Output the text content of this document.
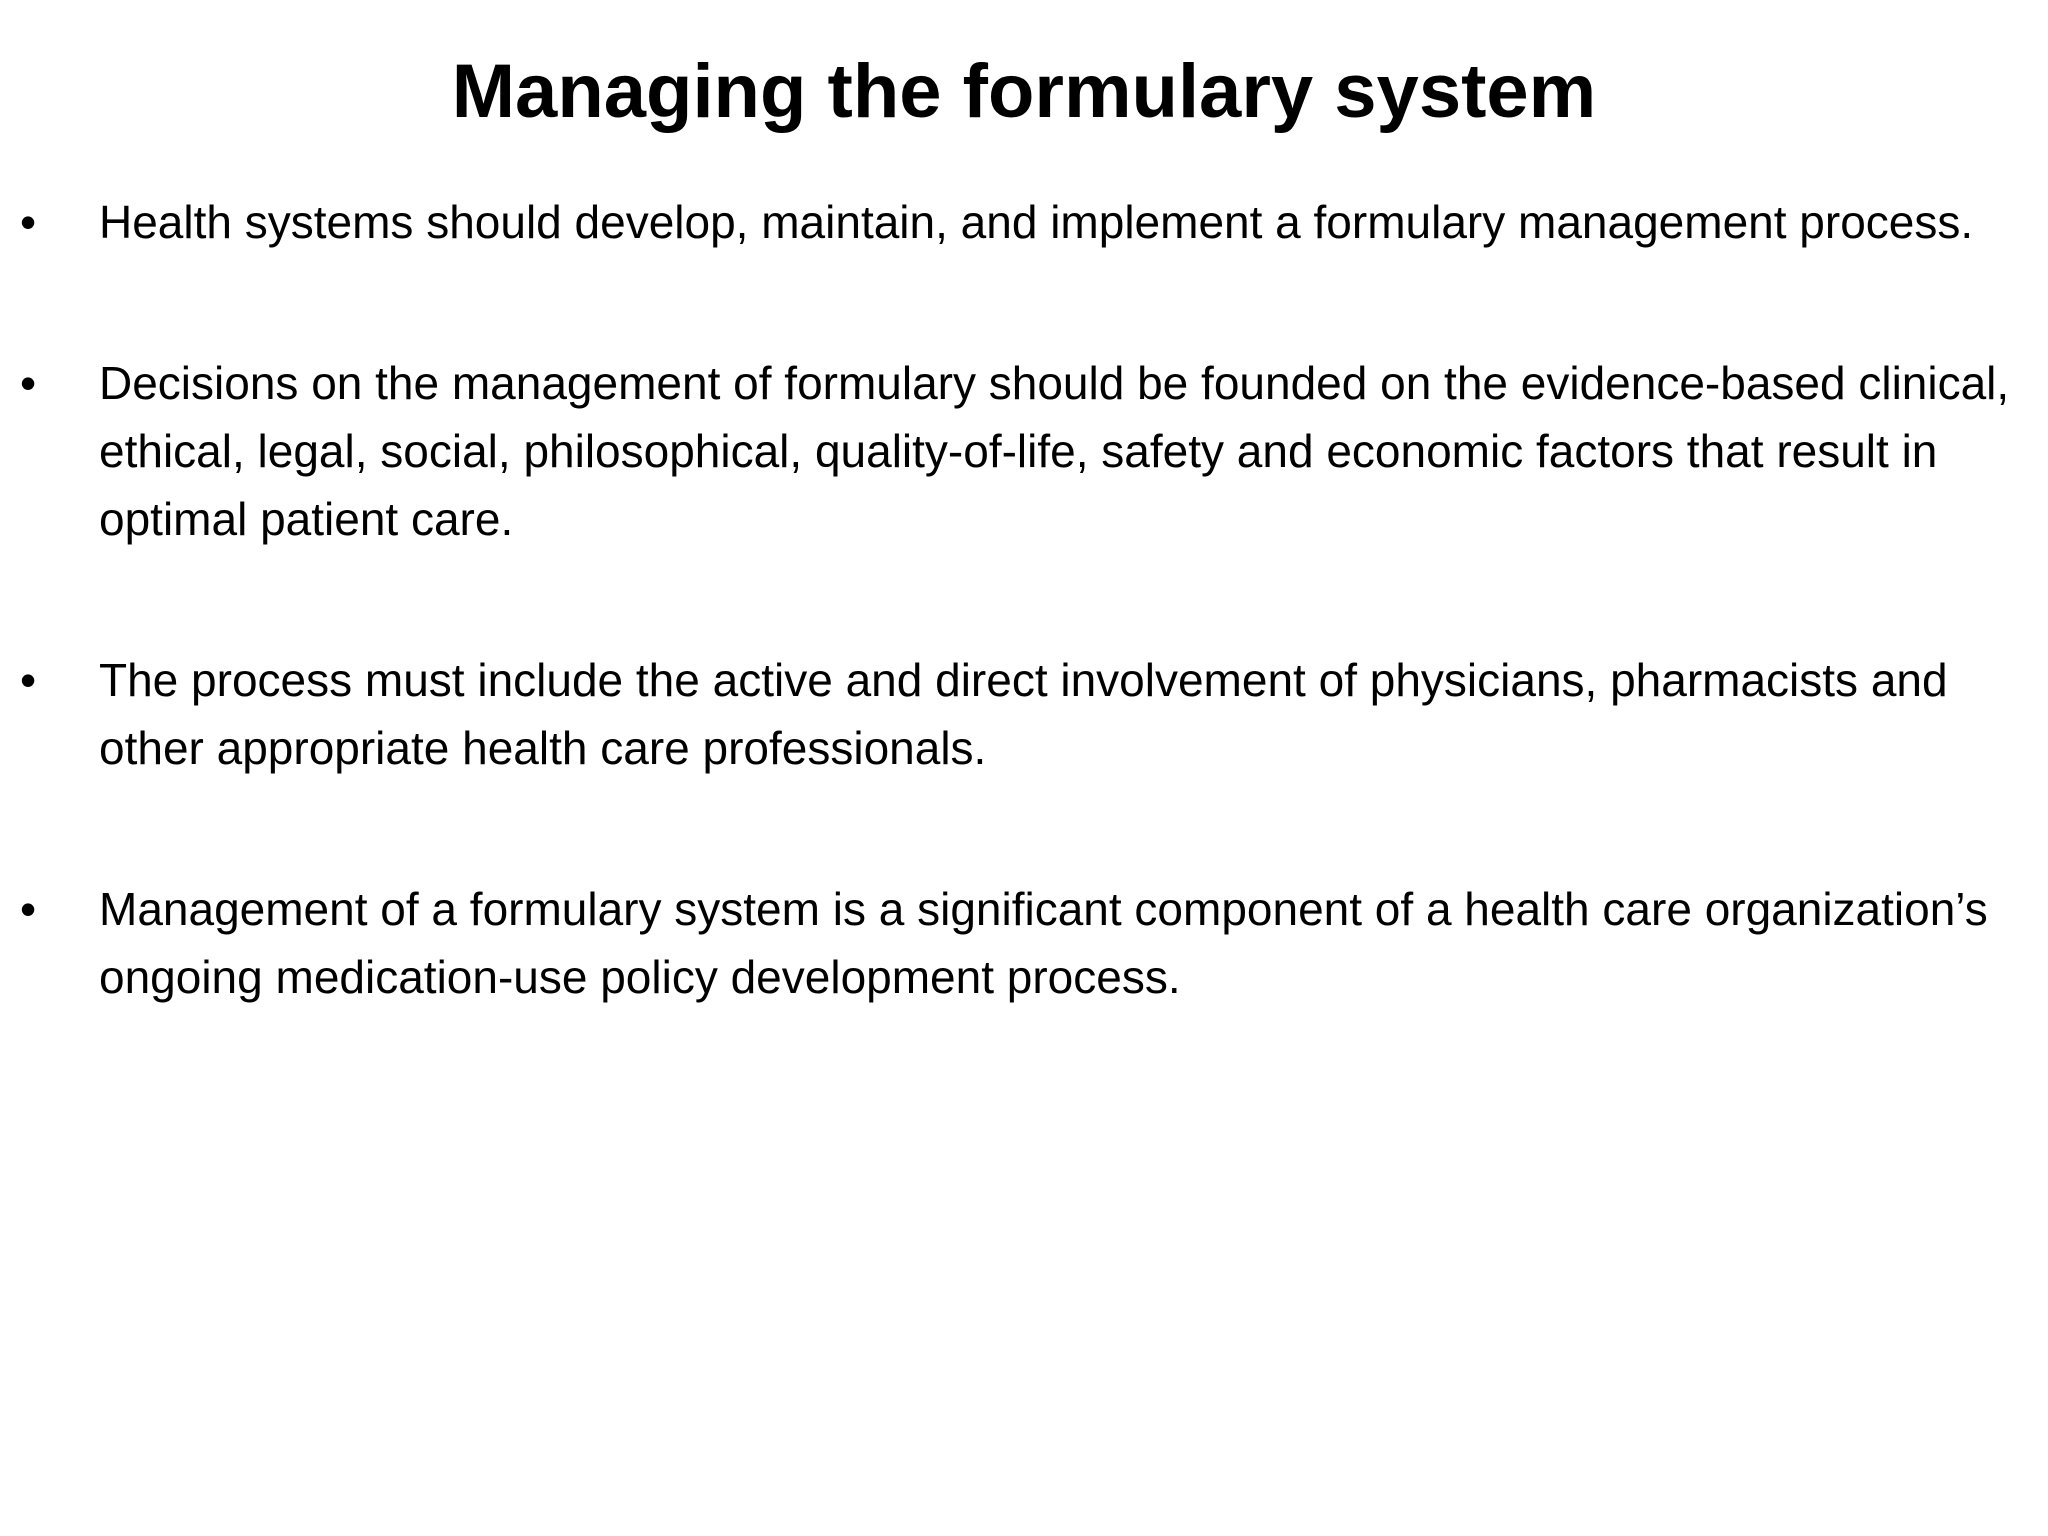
Managing the formulary system
• Health systems should develop, maintain, and implement a formulary management process.
• Decisions on the management of formulary should be founded on the evidence-based clinical, ethical, legal, social, philosophical, quality-of-life, safety and economic factors that result in optimal patient care.
• The process must include the active and direct involvement of physicians, pharmacists and other appropriate health care professionals.
• Management of a formulary system is a significant component of a health care organization’s ongoing medication-use policy development process.
